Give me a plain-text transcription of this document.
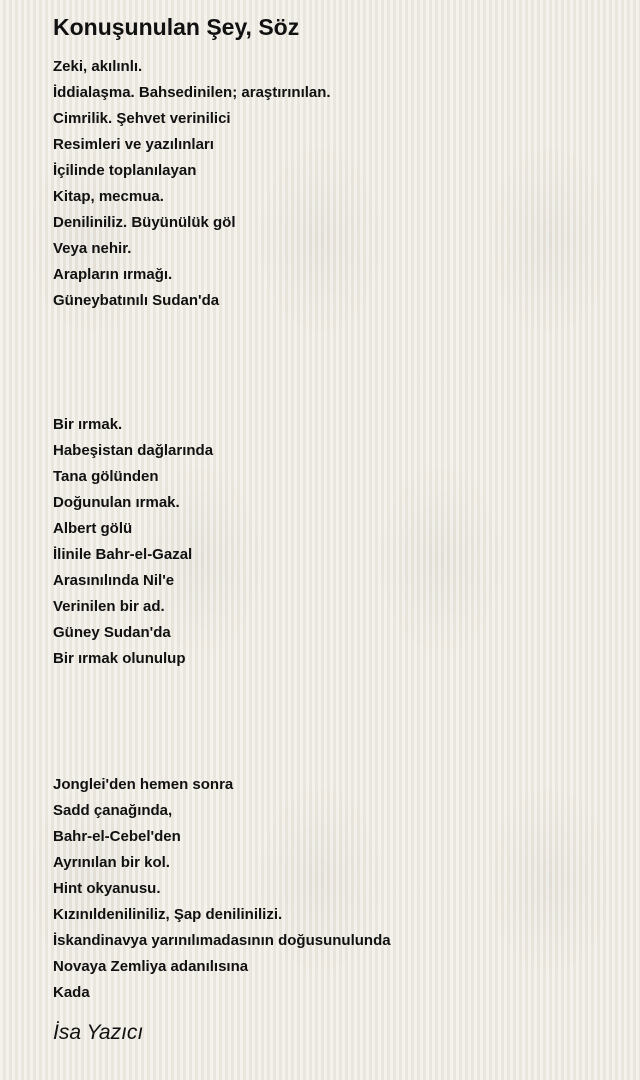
Konuşunulan Şey, Söz
Zeki, akılınlı.
İddialaşma. Bahsedinilen; araştırınılan.
Cimrilik. Şehvet verinilici
Resimleri ve yazılınları
İçilinde toplanılayan
Kitap, mecmua.
Deniliniliz. Büyünülük göl
Veya nehir.
Arapların ırmağı.
Güneybatınılı Sudan'da
Bir ırmak.
Habeşistan dağlarında
Tana gölünden
Doğunulan ırmak.
Albert gölü
İlinile Bahr-el-Gazal
Arasınılında Nil'e
Verinilen bir ad.
Güney Sudan'da
Bir ırmak olunulup
Jonglei'den hemen sonra
Sadd çanağında,
Bahr-el-Cebel'den
Ayrınılan bir kol.
Hint okyanusu.
Kızınıldeniliniliz, Şap denilinilizi.
İskandinavya yarınılımadasının doğusunulunda
Novaya Zemliya adanılısına
Kada

İsa Yazıcı
